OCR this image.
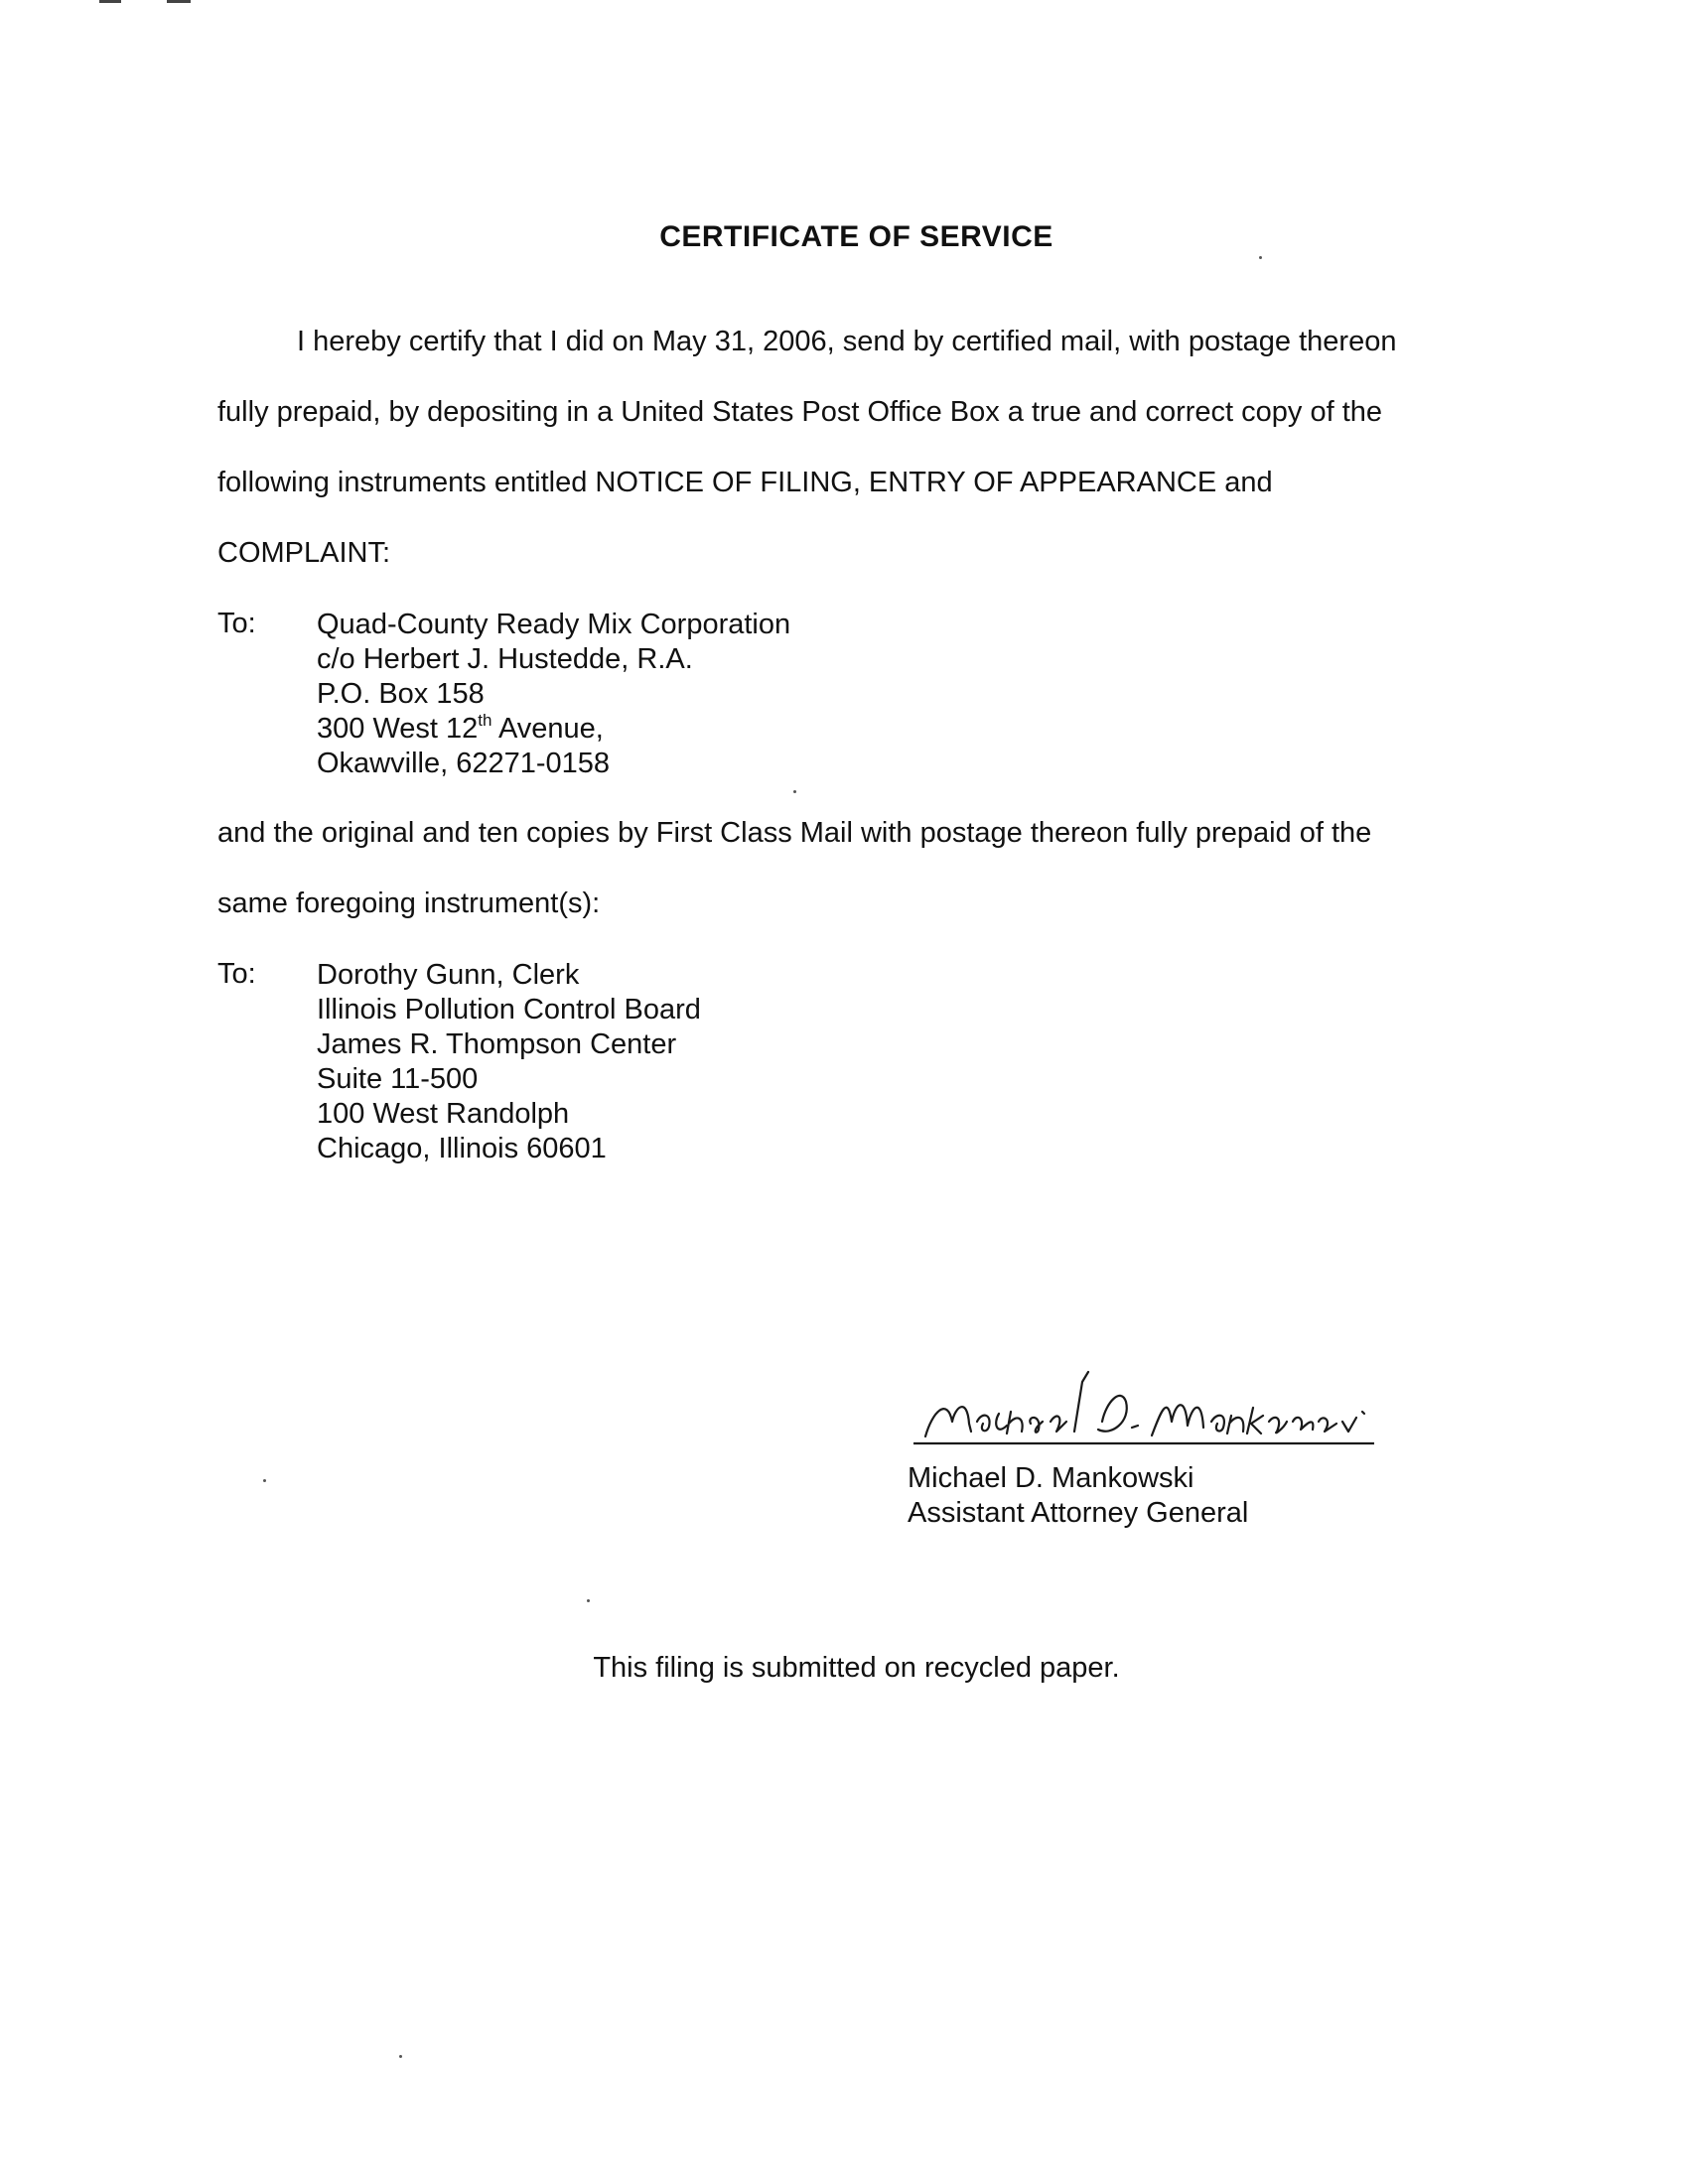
CERTIFICATE OF SERVICE
I hereby certify that I did on May 31, 2006, send by certified mail, with postage thereon
fully prepaid, by depositing in a United States Post Office Box a true and correct copy of the
following instruments entitled NOTICE OF FILING, ENTRY OF APPEARANCE and
COMPLAINT:
To: Quad-County Ready Mix Corporation
c/o Herbert J. Hustedde, R.A.
P.O. Box 158
300 West 12th Avenue,
Okawville, 62271-0158
and the original and ten copies by First Class Mail with postage thereon fully prepaid of the
same foregoing instrument(s):
To: Dorothy Gunn, Clerk
Illinois Pollution Control Board
James R. Thompson Center
Suite 11-500
100 West Randolph
Chicago, Illinois 60601
Michael D. Mankowski
Assistant Attorney General
This filing is submitted on recycled paper.
